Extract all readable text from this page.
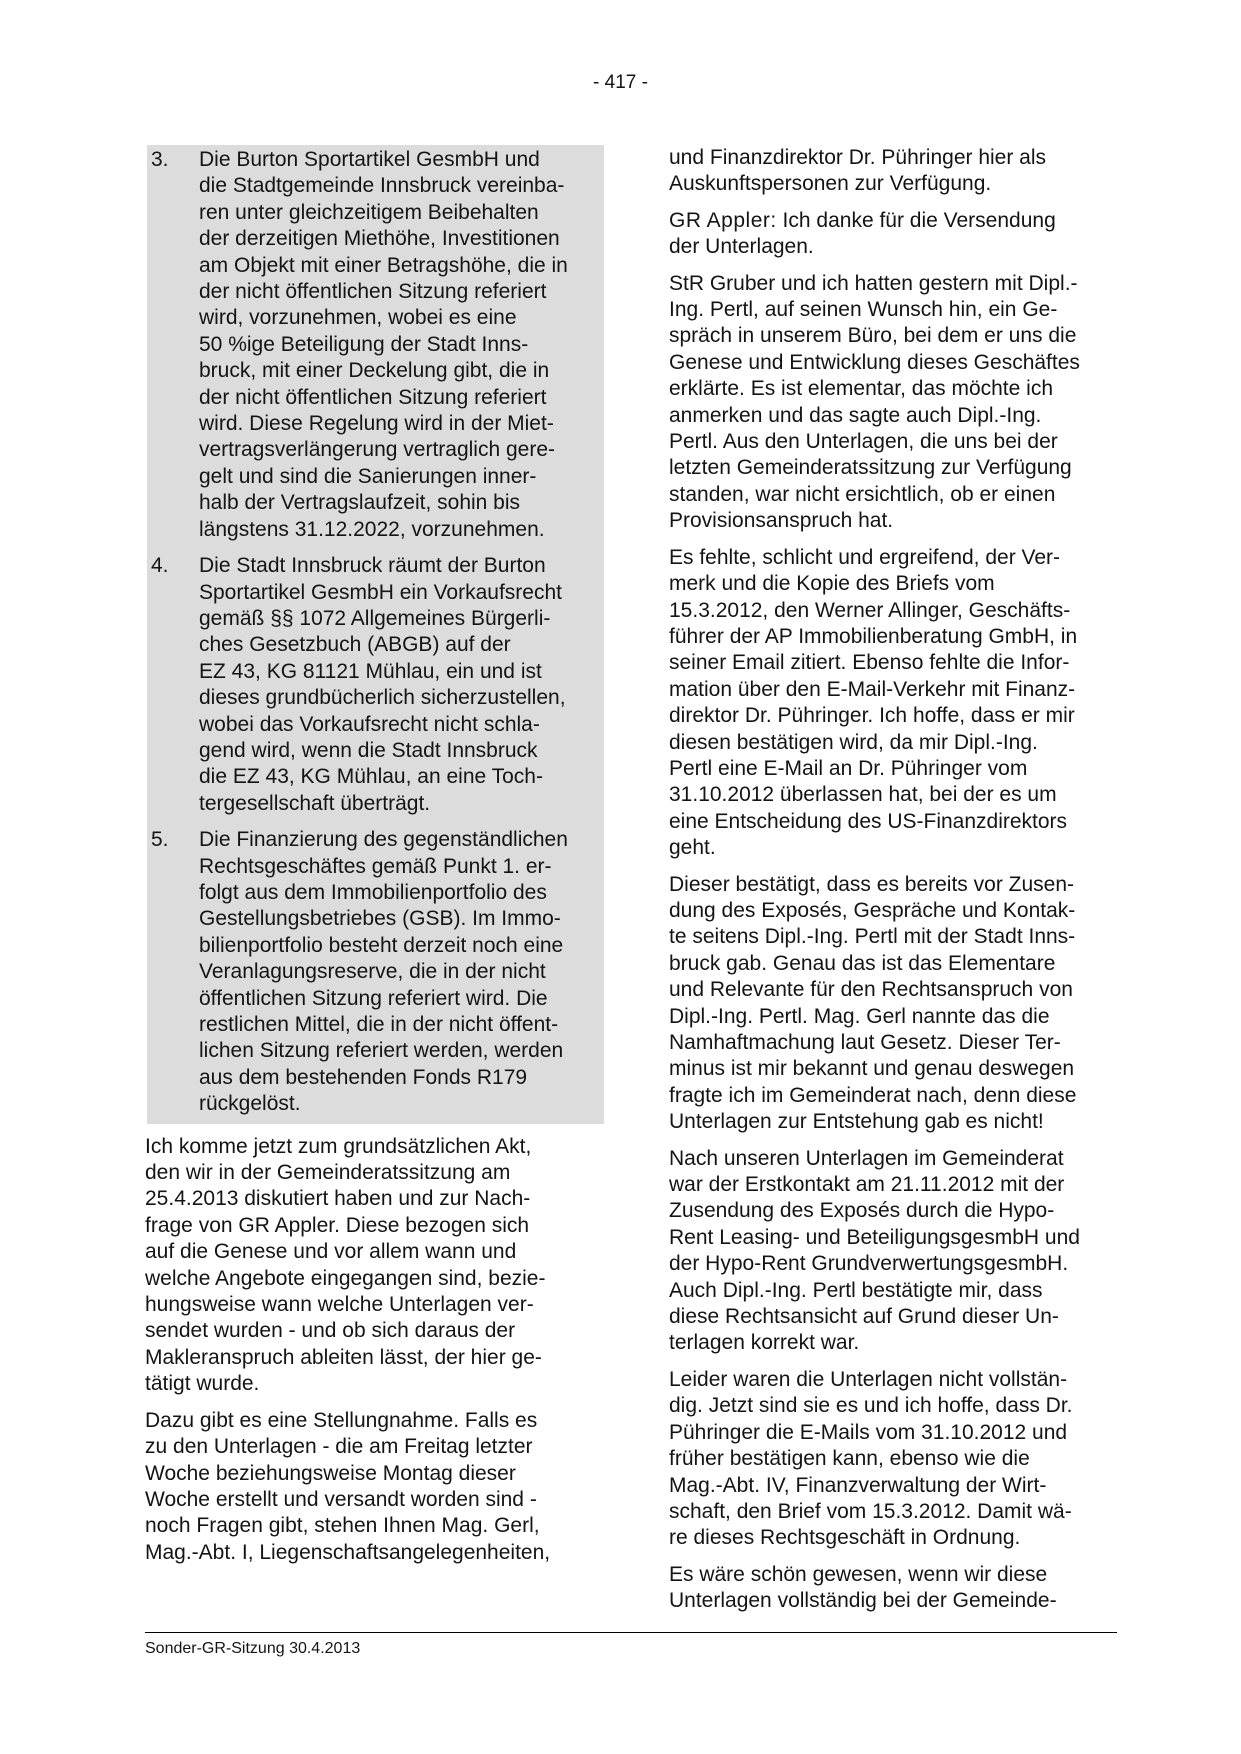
- 417 -
3.	Die Burton Sportartikel GesmbH und
die Stadtgemeinde Innsbruck vereinba-
ren unter gleichzeitigem Beibehalten
der derzeitigen Miethöhe, Investitionen
am Objekt mit einer Betragshöhe, die in
der nicht öffentlichen Sitzung referiert
wird, vorzunehmen, wobei es eine
50 %ige Beteiligung der Stadt Inns-
bruck, mit einer Deckelung gibt, die in
der nicht öffentlichen Sitzung referiert
wird. Diese Regelung wird in der Miet-
vertragsverlängerung vertraglich gere-
gelt und sind die Sanierungen inner-
halb der Vertragslaufzeit, sohin bis
längstens 31.12.2022, vorzunehmen.
4.	Die Stadt Innsbruck räumt der Burton
Sportartikel GesmbH ein Vorkaufsrecht
gemäß §§ 1072 Allgemeines Bürgerli-
ches Gesetzbuch (ABGB) auf der
EZ 43, KG 81121 Mühlau, ein und ist
dieses grundbücherlich sicherzustellen,
wobei das Vorkaufsrecht nicht schla-
gend wird, wenn die Stadt Innsbruck
die EZ 43, KG Mühlau, an eine Toch-
tergesellschaft überträgt.
5.	Die Finanzierung des gegenständlichen
Rechtsgeschäftes gemäß Punkt 1. er-
folgt aus dem Immobilienportfolio des
Gestellungsbetriebes (GSB). Im Immo-
bilienportfolio besteht derzeit noch eine
Veranlagungsreserve, die in der nicht
öffentlichen Sitzung referiert wird. Die
restlichen Mittel, die in der nicht öffent-
lichen Sitzung referiert werden, werden
aus dem bestehenden Fonds R179
rückgelöst.
Ich komme jetzt zum grundsätzlichen Akt,
den wir in der Gemeinderatssitzung am
25.4.2013 diskutiert haben und zur Nach-
frage von GR Appler. Diese bezogen sich
auf die Genese und vor allem wann und
welche Angebote eingegangen sind, bezie-
hungsweise wann welche Unterlagen ver-
sendet wurden - und ob sich daraus der
Makleranspruch ableiten lässt, der hier ge-
tätigt wurde.
Dazu gibt es eine Stellungnahme. Falls es
zu den Unterlagen - die am Freitag letzter
Woche beziehungsweise Montag dieser
Woche erstellt und versandt worden sind -
noch Fragen gibt, stehen Ihnen Mag. Gerl,
Mag.-Abt. I, Liegenschaftsangelegenheiten,
und Finanzdirektor Dr. Pühringer hier als
Auskunftspersonen zur Verfügung.
GR Appler: Ich danke für die Versendung
der Unterlagen.
StR Gruber und ich hatten gestern mit Dipl.-
Ing. Pertl, auf seinen Wunsch hin, ein Ge-
spräch in unserem Büro, bei dem er uns die
Genese und Entwicklung dieses Geschäftes
erklärte. Es ist elementar, das möchte ich
anmerken und das sagte auch Dipl.-Ing.
Pertl. Aus den Unterlagen, die uns bei der
letzten Gemeinderatssitzung zur Verfügung
standen, war nicht ersichtlich, ob er einen
Provisionsanspruch hat.
Es fehlte, schlicht und ergreifend, der Ver-
merk und die Kopie des Briefs vom
15.3.2012, den Werner Allinger, Geschäfts-
führer der AP Immobilienberatung GmbH, in
seiner Email zitiert. Ebenso fehlte die Infor-
mation über den E-Mail-Verkehr mit Finanz-
direktor Dr. Pühringer. Ich hoffe, dass er mir
diesen bestätigen wird, da mir Dipl.-Ing.
Pertl eine E-Mail an Dr. Pühringer vom
31.10.2012 überlassen hat, bei der es um
eine Entscheidung des US-Finanzdirektors
geht.
Dieser bestätigt, dass es bereits vor Zusen-
dung des Exposés, Gespräche und Kontak-
te seitens Dipl.-Ing. Pertl mit der Stadt Inns-
bruck gab. Genau das ist das Elementare
und Relevante für den Rechtsanspruch von
Dipl.-Ing. Pertl. Mag. Gerl nannte das die
Namhaftmachung laut Gesetz. Dieser Ter-
minus ist mir bekannt und genau deswegen
fragte ich im Gemeinderat nach, denn diese
Unterlagen zur Entstehung gab es nicht!
Nach unseren Unterlagen im Gemeinderat
war der Erstkontakt am 21.11.2012 mit der
Zusendung des Exposés durch die Hypo-
Rent Leasing- und BeteiligungsgesmbH und
der Hypo-Rent GrundverwertungsgesmbH.
Auch Dipl.-Ing. Pertl bestätigte mir, dass
diese Rechtsansicht auf Grund dieser Un-
terlagen korrekt war.
Leider waren die Unterlagen nicht vollstän-
dig. Jetzt sind sie es und ich hoffe, dass Dr.
Pühringer die E-Mails vom 31.10.2012 und
früher bestätigen kann, ebenso wie die
Mag.-Abt. IV, Finanzverwaltung der Wirt-
schaft, den Brief vom 15.3.2012. Damit wä-
re dieses Rechtsgeschäft in Ordnung.
Es wäre schön gewesen, wenn wir diese
Unterlagen vollständig bei der Gemeinde-
Sonder-GR-Sitzung 30.4.2013
